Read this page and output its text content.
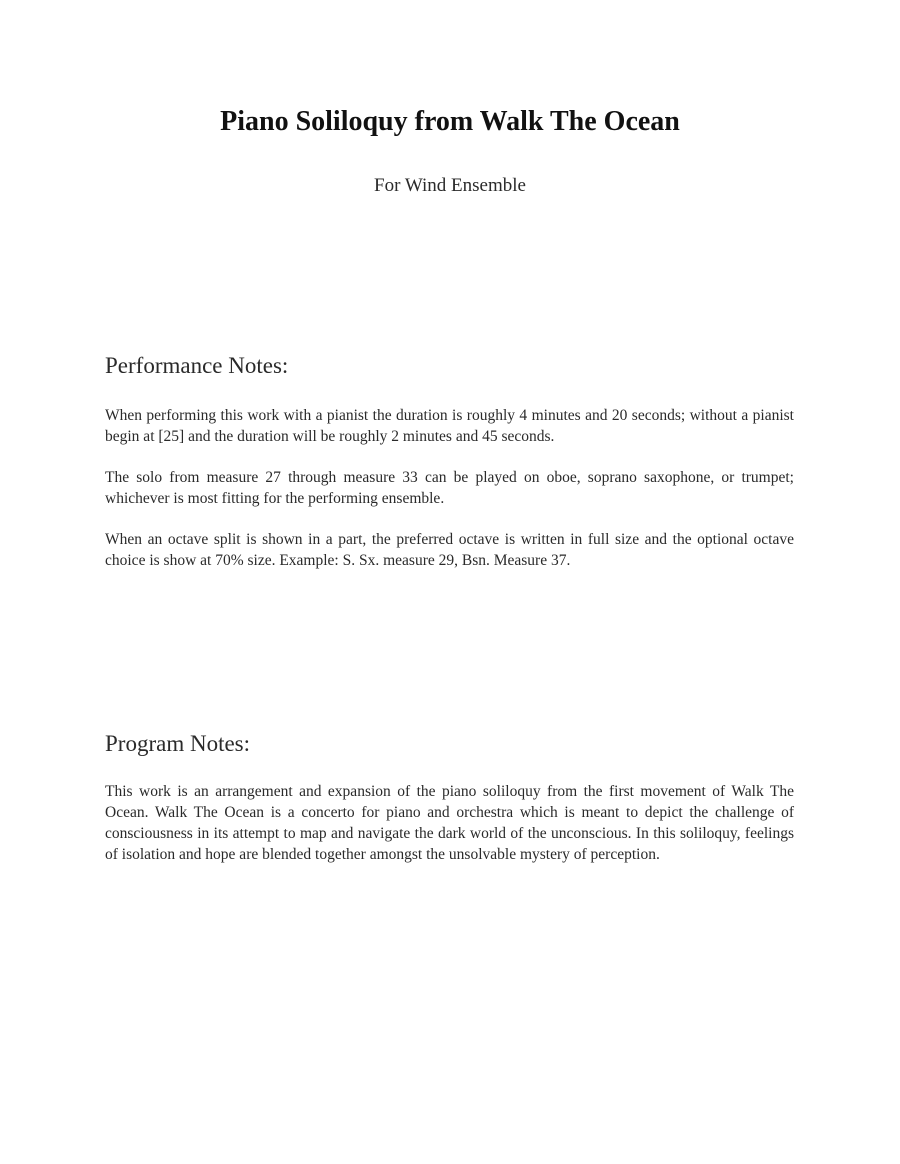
Piano Soliloquy from Walk The Ocean
For Wind Ensemble
Performance Notes:

When performing this work with a pianist the duration is roughly 4 minutes and 20 seconds; without a pianist begin at [25] and the duration will be roughly 2 minutes and 45 seconds.

The solo from measure 27 through measure 33 can be played on oboe, soprano saxophone, or trumpet; whichever is most fitting for the performing ensemble.

When an octave split is shown in a part, the preferred octave is written in full size and the optional octave choice is show at 70% size. Example: S. Sx. measure 29, Bsn. Measure 37.

Program Notes:

This work is an arrangement and expansion of the piano soliloquy from the first movement of Walk The Ocean. Walk The Ocean is a concerto for piano and orchestra which is meant to depict the challenge of consciousness in its attempt to map and navigate the dark world of the unconscious. In this soliloquy, feelings of isolation and hope are blended together amongst the unsolvable mystery of perception.
